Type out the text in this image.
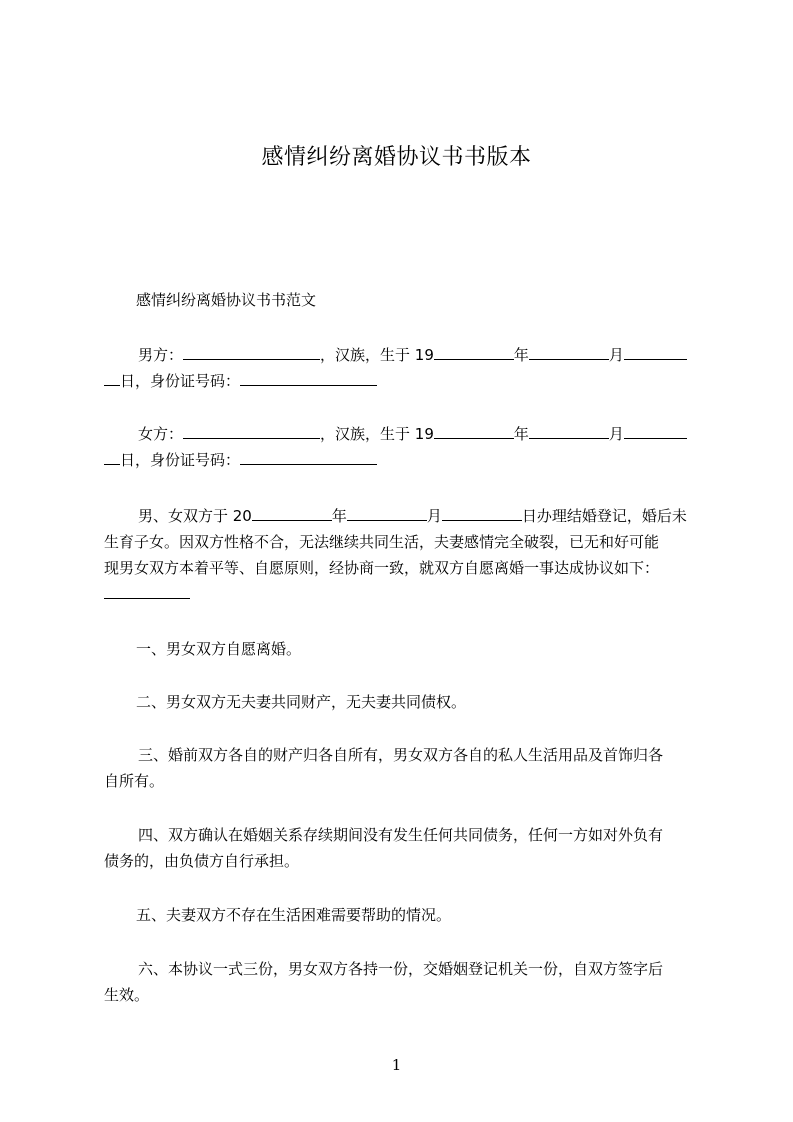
感情纠纷离婚协议书书版本
感情纠纷离婚协议书书范文
男方：	，汉族，生于 19	年	月
日，身份证号码：
女方：	，汉族，生于 19	年	月
日，身份证号码：
男、女双方于 20	年	月	日办理结婚登记，婚后未
生育子女。因双方性格不合，无法继续共同生活，夫妻感情完全破裂，已无和好可能
现男女双方本着平等、自愿原则，经协商一致，就双方自愿离婚一事达成协议如下：
一、男女双方自愿离婚。
二、男女双方无夫妻共同财产，无夫妻共同债权。
三、婚前双方各自的财产归各自所有，男女双方各自的私人生活用品及首饰归各
自所有。
四、双方确认在婚姻关系存续期间没有发生任何共同债务，任何一方如对外负有
债务的，由负债方自行承担。
五、夫妻双方不存在生活困难需要帮助的情况。
六、本协议一式三份，男女双方各持一份，交婚姻登记机关一份，自双方签字后
生效。
1
